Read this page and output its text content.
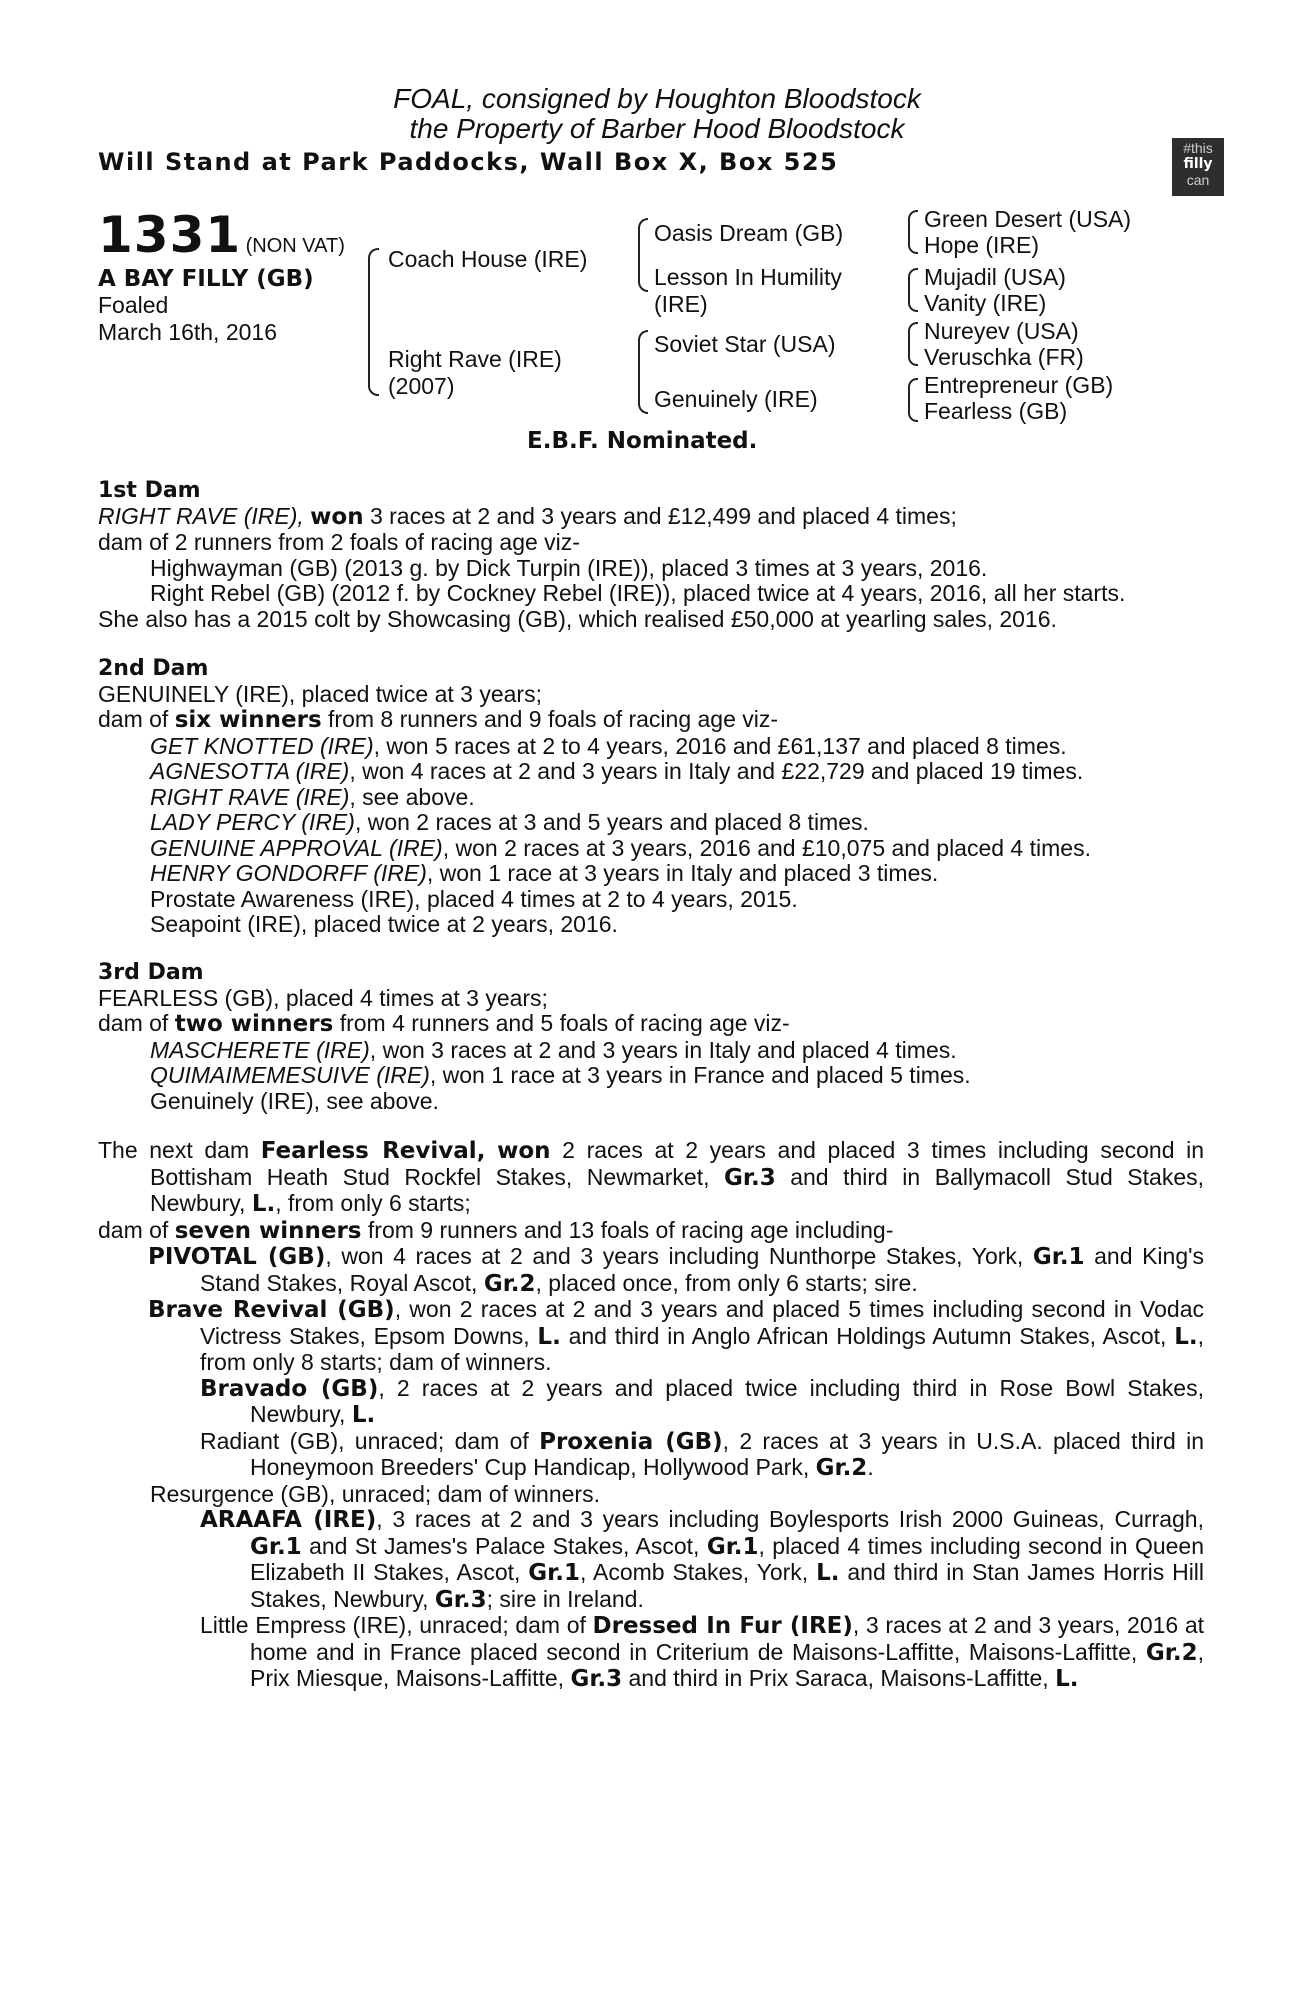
FOAL, consigned by Houghton Bloodstock
the Property of Barber Hood Bloodstock
Will Stand at Park Paddocks, Wall Box X, Box 525	#this
filly
can
1331 (NON VAT)
A BAY FILLY (GB)
Foaled
March 16th, 2016
Coach House (IRE)
Right Rave (IRE)
(2007)
Oasis Dream (GB)
Lesson In Humility
(IRE)
Soviet Star (USA)
Genuinely (IRE)
Green Desert (USA)
Hope (IRE)
Mujadil (USA)
Vanity (IRE)
Nureyev (USA)
Veruschka (FR)
Entrepreneur (GB)
Fearless (GB)
E.B.F. Nominated.
1st Dam
RIGHT RAVE (IRE), won 3 races at 2 and 3 years and £12,499 and placed 4 times;
dam of 2 runners from 2 foals of racing age viz-
Highwayman (GB) (2013 g. by Dick Turpin (IRE)), placed 3 times at 3 years, 2016.
Right Rebel (GB) (2012 f. by Cockney Rebel (IRE)), placed twice at 4 years, 2016, all her starts.
She also has a 2015 colt by Showcasing (GB), which realised £50,000 at yearling sales, 2016.
2nd Dam
GENUINELY (IRE), placed twice at 3 years;
dam of six winners from 8 runners and 9 foals of racing age viz-
GET KNOTTED (IRE), won 5 races at 2 to 4 years, 2016 and £61,137 and placed 8 times.
AGNESOTTA (IRE), won 4 races at 2 and 3 years in Italy and £22,729 and placed 19 times.
RIGHT RAVE (IRE), see above.
LADY PERCY (IRE), won 2 races at 3 and 5 years and placed 8 times.
GENUINE APPROVAL (IRE), won 2 races at 3 years, 2016 and £10,075 and placed 4 times.
HENRY GONDORFF (IRE), won 1 race at 3 years in Italy and placed 3 times.
Prostate Awareness (IRE), placed 4 times at 2 to 4 years, 2015.
Seapoint (IRE), placed twice at 2 years, 2016.
3rd Dam
FEARLESS (GB), placed 4 times at 3 years;
dam of two winners from 4 runners and 5 foals of racing age viz-
MASCHERETE (IRE), won 3 races at 2 and 3 years in Italy and placed 4 times.
QUIMAIMEMESUIVE (IRE), won 1 race at 3 years in France and placed 5 times.
Genuinely (IRE), see above.
The next dam Fearless Revival, won 2 races at 2 years and placed 3 times including second in Bottisham Heath Stud Rockfel Stakes, Newmarket, Gr.3 and third in Ballymacoll Stud Stakes, Newbury, L., from only 6 starts;
dam of seven winners from 9 runners and 13 foals of racing age including-
PIVOTAL (GB), won 4 races at 2 and 3 years including Nunthorpe Stakes, York, Gr.1 and King's Stand Stakes, Royal Ascot, Gr.2, placed once, from only 6 starts; sire.
Brave Revival (GB), won 2 races at 2 and 3 years and placed 5 times including second in Vodac Victress Stakes, Epsom Downs, L. and third in Anglo African Holdings Autumn Stakes, Ascot, L., from only 8 starts; dam of winners.
Bravado (GB), 2 races at 2 years and placed twice including third in Rose Bowl Stakes, Newbury, L.
Radiant (GB), unraced; dam of Proxenia (GB), 2 races at 3 years in U.S.A. placed third in Honeymoon Breeders' Cup Handicap, Hollywood Park, Gr.2.
Resurgence (GB), unraced; dam of winners.
ARAAFA (IRE), 3 races at 2 and 3 years including Boylesports Irish 2000 Guineas, Curragh, Gr.1 and St James's Palace Stakes, Ascot, Gr.1, placed 4 times including second in Queen Elizabeth II Stakes, Ascot, Gr.1, Acomb Stakes, York, L. and third in Stan James Horris Hill Stakes, Newbury, Gr.3; sire in Ireland.
Little Empress (IRE), unraced; dam of Dressed In Fur (IRE), 3 races at 2 and 3 years, 2016 at home and in France placed second in Criterium de Maisons-Laffitte, Maisons-Laffitte, Gr.2, Prix Miesque, Maisons-Laffitte, Gr.3 and third in Prix Saraca, Maisons-Laffitte, L.
